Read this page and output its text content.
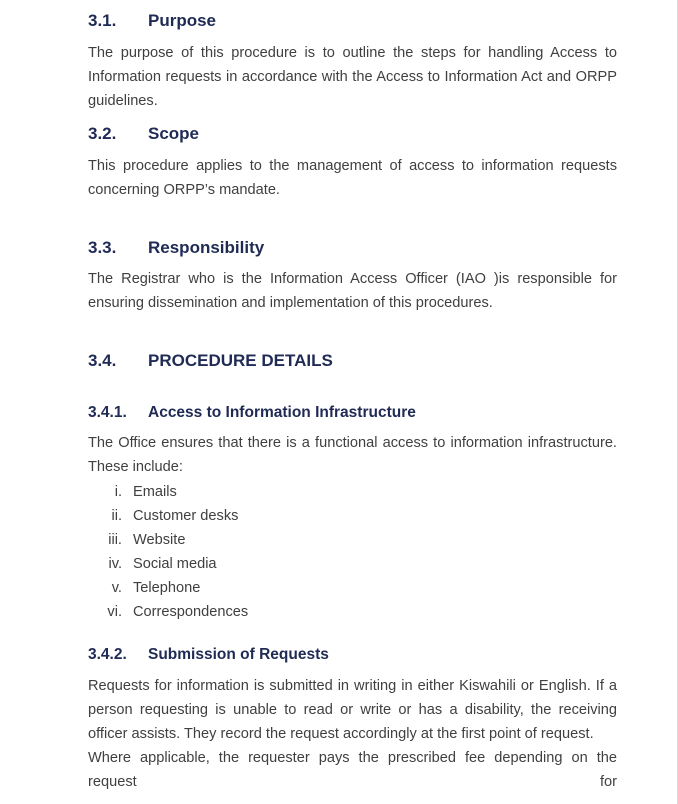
3.1. Purpose
The purpose of this procedure is to outline the steps for handling Access to Information requests in accordance with the Access to Information Act and ORPP guidelines.
3.2. Scope
This procedure applies to the management of access to information requests concerning ORPP’s mandate.
3.3. Responsibility
The Registrar who is the Information Access Officer (IAO )is responsible for ensuring dissemination and implementation of this procedures.
3.4. PROCEDURE DETAILS
3.4.1. Access to Information Infrastructure
The Office ensures that there is a functional access to information infrastructure. These include:
i. Emails
ii. Customer desks
iii. Website
iv. Social media
v. Telephone
vi. Correspondences
3.4.2. Submission of Requests
Requests for information is submitted in writing in either Kiswahili or English. If a person requesting is unable to read or write or has a disability, the receiving officer assists. They record the request accordingly at the first point of request.
Where applicable, the requester pays the prescribed fee depending on the request for
